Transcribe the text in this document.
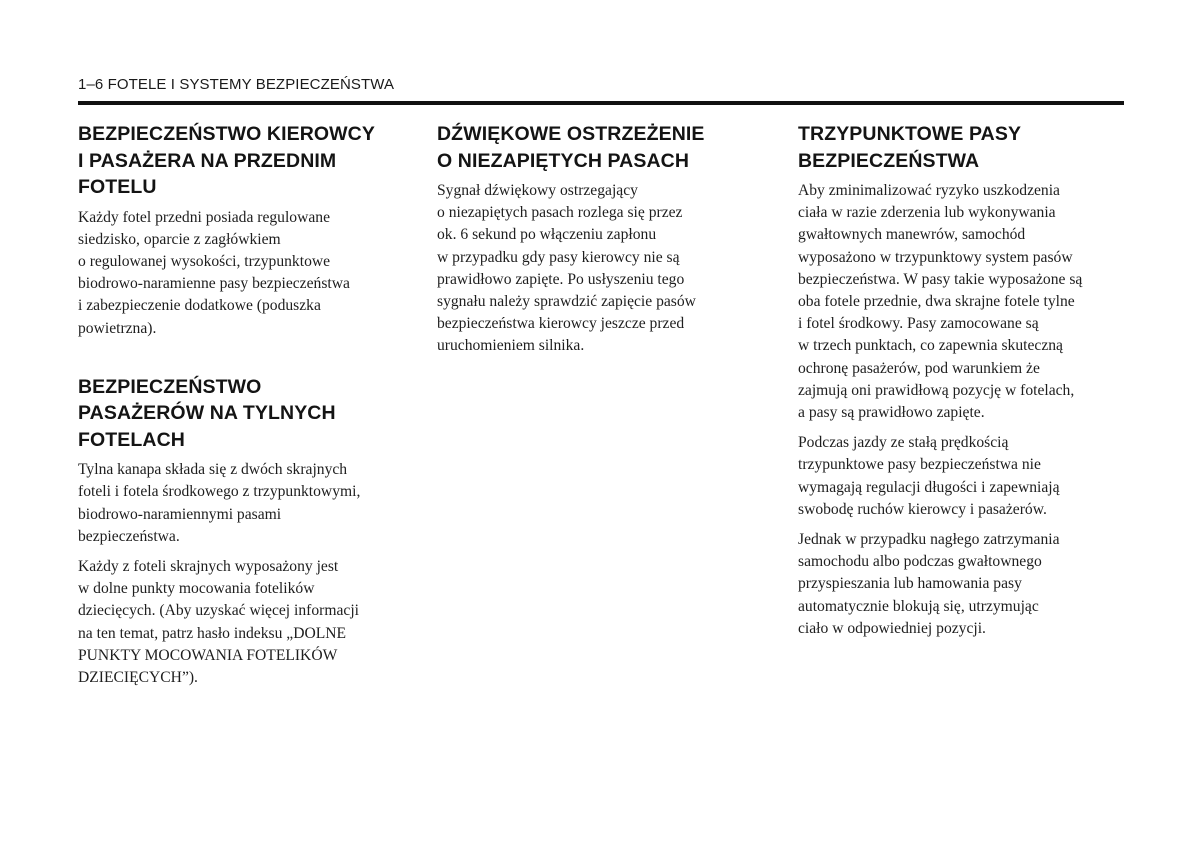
1–6 FOTELE I SYSTEMY BEZPIECZEŃSTWA
BEZPIECZEŃSTWO KIEROWCY
I PASAŻERA NA PRZEDNIM
FOTELU

Każdy fotel przedni posiada regulowane
siedzisko, oparcie z zagłówkiem
o regulowanej wysokości, trzypunktowe
biodrowo-naramienne pasy bezpieczeństwa
i zabezpieczenie dodatkowe (poduszka
powietrzna).

BEZPIECZEŃSTWO
PASAŻERÓW NA TYLNYCH
FOTELACH

Tylna kanapa składa się z dwóch skrajnych
foteli i fotela środkowego z trzypunktowymi,
biodrowo-naramiennymi pasami
bezpieczeństwa.

Każdy z foteli skrajnych wyposażony jest
w dolne punkty mocowania fotelików
dziecięcych. (Aby uzyskać więcej informacji
na ten temat, patrz hasło indeksu „DOLNE
PUNKTY MOCOWANIA FOTELIKÓW
DZIECIĘCYCH”).

DŹWIĘKOWE OSTRZEŻENIE
O NIEZAPIĘTYCH PASACH

Sygnał dźwiękowy ostrzegający
o niezapiętych pasach rozlega się przez
ok. 6 sekund po włączeniu zapłonu
w przypadku gdy pasy kierowcy nie są
prawidłowo zapięte. Po usłyszeniu tego
sygnału należy sprawdzić zapięcie pasów
bezpieczeństwa kierowcy jeszcze przed
uruchomieniem silnika.

TRZYPUNKTOWE PASY
BEZPIECZEŃSTWA

Aby zminimalizować ryzyko uszkodzenia
ciała w razie zderzenia lub wykonywania
gwałtownych manewrów, samochód
wyposażono w trzypunktowy system pasów
bezpieczeństwa. W pasy takie wyposażone są
oba fotele przednie, dwa skrajne fotele tylne
i fotel środkowy. Pasy zamocowane są
w trzech punktach, co zapewnia skuteczną
ochronę pasażerów, pod warunkiem że
zajmują oni prawidłową pozycję w fotelach,
a pasy są prawidłowo zapięte.

Podczas jazdy ze stałą prędkością
trzypunktowe pasy bezpieczeństwa nie
wymagają regulacji długości i zapewniają
swobodę ruchów kierowcy i pasażerów.

Jednak w przypadku nagłego zatrzymania
samochodu albo podczas gwałtownego
przyspieszania lub hamowania pasy
automatycznie blokują się, utrzymując
ciało w odpowiedniej pozycji.
